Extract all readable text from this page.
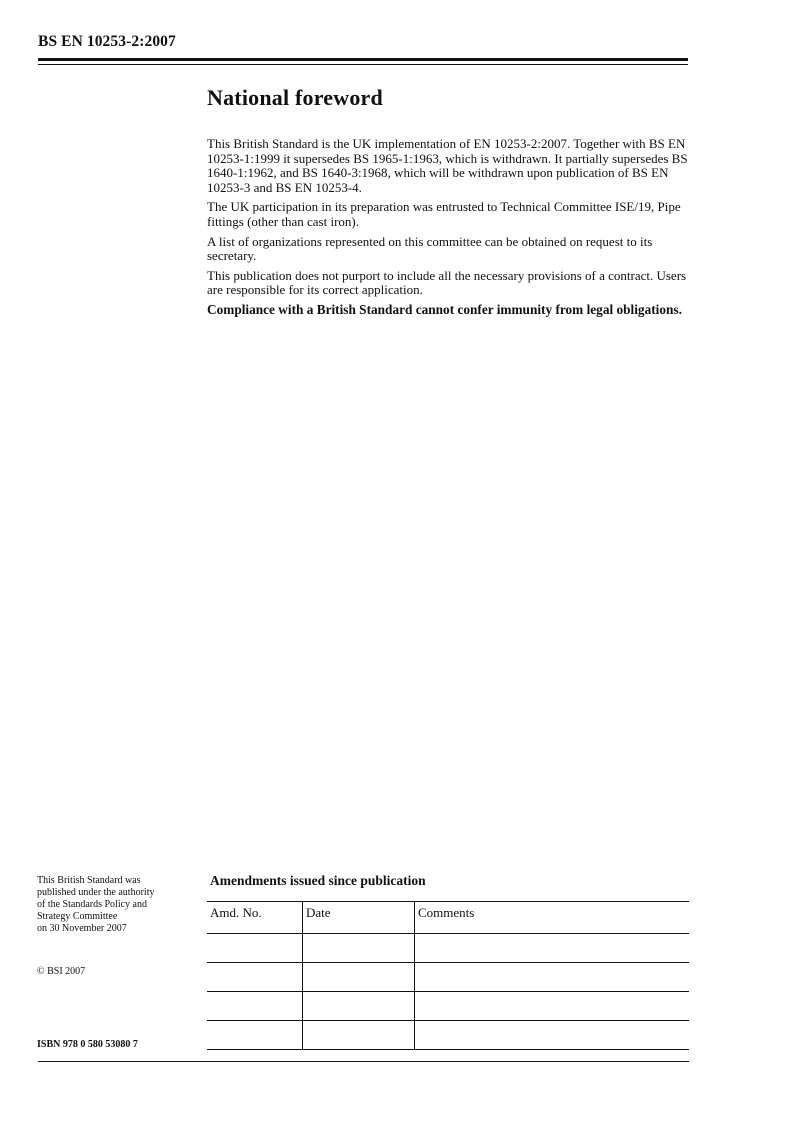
BS EN 10253-2:2007
National foreword

This British Standard is the UK implementation of EN 10253-2:2007. Together with BS EN 10253-1:1999 it supersedes BS 1965-1:1963, which is withdrawn. It partially supersedes BS 1640-1:1962, and BS 1640-3:1968, which will be withdrawn upon publication of BS EN 10253-3 and BS EN 10253-4.

The UK participation in its preparation was entrusted to Technical Committee ISE/19, Pipe fittings (other than cast iron).

A list of organizations represented on this committee can be obtained on request to its secretary.

This publication does not purport to include all the necessary provisions of a contract. Users are responsible for its correct application.

Compliance with a British Standard cannot confer immunity from legal obligations.

This British Standard was
published under the authority
of the Standards Policy and
Strategy Committee
on 30 November 2007
© BSI 2007
ISBN 978 0 580 53080 7
Amendments issued since publication
Amd. No.	Date	Comments
